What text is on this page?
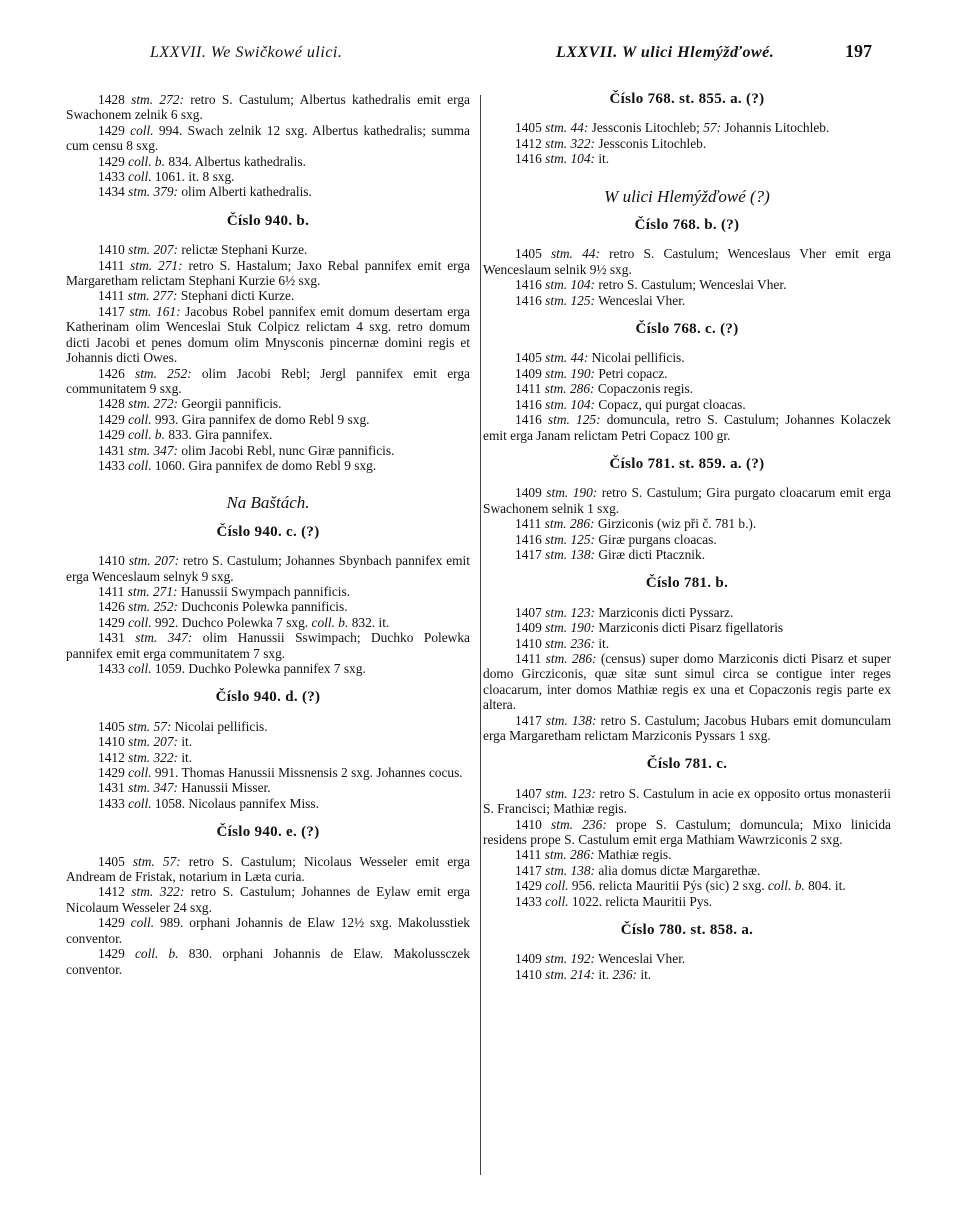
LXXVII. We Swičkowé ulici.	LXXVII. W ulici Hlemýžďowé.	197

1428 stm. 272: retro S. Castulum; Albertus kathedralis emit erga Swachonem zelnik 6 sxg.

1429 coll. 994. Swach zelnik 12 sxg. Albertus kathedralis; summa cum censu 8 sxg.

1429 coll. b. 834. Albertus kathedralis.

1433 coll. 1061. it. 8 sxg.

1434 stm. 379: olim Alberti kathedralis.

Číslo 940. b.

1410 stm. 207: relictæ Stephani Kurze.

1411 stm. 271: retro S. Hastalum; Jaxo Rebal pannifex emit erga Margaretham relictam Stephani Kurzie 6½ sxg.

1411 stm. 277: Stephani dicti Kurze.

1417 stm. 161: Jacobus Robel pannifex emit domum desertam erga Katherinam olim Wenceslai Stuk Colpicz relictam 4 sxg. retro domum dicti Jacobi et penes domum olim Mnysсonis pincernæ domini regis et Johannis dicti Owes.

1426 stm. 252: olim Jacobi Rebl; Jergl pannifex emit erga communitatem 9 sxg.

1428 stm. 272: Georgii pannificis.

1429 coll. 993. Gira pannifex de domo Rebl 9 sxg.

1429 coll. b. 833. Gira pannifex.

1431 stm. 347: olim Jacobi Rebl, nunc Giræ pannificis.

1433 coll. 1060. Gira pannifex de domo Rebl 9 sxg.

Na Baštách.
Číslo 940. c. (?)

1410 stm. 207: retro S. Castulum; Johannes Sbynbach pannifex emit erga Wenceslaum selnyk 9 sxg.

1411 stm. 271: Hanussii Swympach pannificis.

1426 stm. 252: Duchconis Polewka pannificis.

1429 coll. 992. Duchco Polewka 7 sxg. coll. b. 832. it.

1431 stm. 347: olim Hanussii Sswimpach; Duchko Polewka pannifex emit erga communitatem 7 sxg.

1433 coll. 1059. Duchko Polewka pannifex 7 sxg.

Číslo 940. d. (?)

1405 stm. 57: Nicolai pellificis.

1410 stm. 207: it.

1412 stm. 322: it.

1429 coll. 991. Thomas Hanussii Missnensis 2 sxg. Johannes cocus.

1431 stm. 347: Hanussii Misser.

1433 coll. 1058. Nicolaus pannifex Miss.

Číslo 940. e. (?)

1405 stm. 57: retro S. Castulum; Nicolaus Wesseler emit erga Andream de Fristak, notarium in Læta curia.

1412 stm. 322: retro S. Castulum; Johannes de Eylaw emit erga Nicolaum Wesseler 24 sxg.

1429 coll. 989. orphani Johannis de Elaw 12½ sxg. Makolusstiek conventor.

1429 coll. b. 830. orphani Johannis de Elaw. Makolussczek conventor.

Číslo 768. st. 855. a. (?)

1405 stm. 44: Jessconis Litochleb; 57: Johannis Litochleb.

1412 stm. 322: Jessconis Litochleb.

1416 stm. 104: it.

W ulici Hlemýžďowé (?)
Číslo 768. b. (?)

1405 stm. 44: retro S. Castulum; Wenceslaus Vher emit erga Wenceslaum selnik 9½ sxg.

1416 stm. 104: retro S. Castulum; Wenceslai Vher.

1416 stm. 125: Wenceslai Vher.

Číslo 768. c. (?)

1405 stm. 44: Nicolai pellificis.

1409 stm. 190: Petri copacz.

1411 stm. 286: Copaczonis regis.

1416 stm. 104: Copacz, qui purgat cloacas.

1416 stm. 125: domuncula, retro S. Castulum; Johannes Kolaczek emit erga Janam relictam Petri Copacz 100 gr.

Číslo 781. st. 859. a. (?)

1409 stm. 190: retro S. Castulum; Gira purgato cloacarum emit erga Swachonem selnik 1 sxg.

1411 stm. 286: Girziconis (wiz při č. 781 b.).

1416 stm. 125: Giræ purgans cloacas.

1417 stm. 138: Giræ dicti Ptacznik.

Číslo 781. b.

1407 stm. 123: Marziconis dicti Pyssarz.

1409 stm. 190: Marziconis dicti Pisarz figellatoris

1410 stm. 236: it.

1411 stm. 286: (census) super domo Marziconis dicti Pisarz et super domo Girczіconis, quæ sitæ sunt simul circa se contigue inter reges cloacarum, inter domos Mathiæ regis ex una et Copaczonis regis parte ex altera.

1417 stm. 138: retro S. Castulum; Jacobus Hubars emit domunculam erga Margaretham relictam Marziconis Pyssars 1 sxg.

Číslo 781. c.

1407 stm. 123: retro S. Castulum in acie ex opposito ortus monasterii S. Francisci; Mathiæ regis.

1410 stm. 236: prope S. Castulum; domuncula; Mixo linicida residens prope S. Castulum emit erga Mathiam Wawrziconis 2 sxg.

1411 stm. 286: Mathiæ regis.

1417 stm. 138: alia domus dictæ Margarethæ.

1429 coll. 956. relicta Mauritii Pýs (sic) 2 sxg. coll. b. 804. it.

1433 coll. 1022. relicta Mauritii Pys.

Číslo 780. st. 858. a.

1409 stm. 192: Wenceslai Vher.

1410 stm. 214: it. 236: it.
